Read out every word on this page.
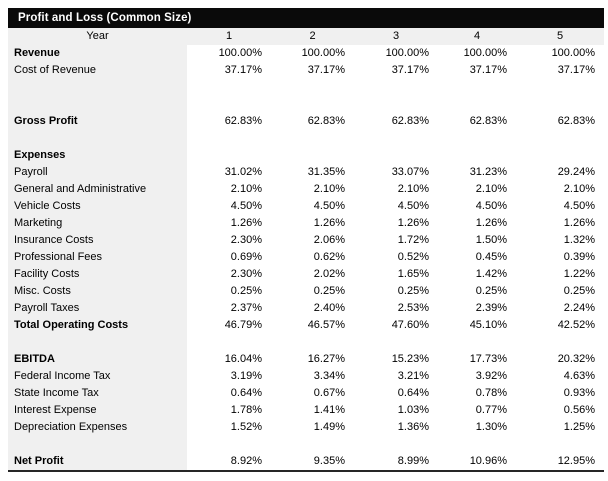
Profit and Loss (Common Size)
Year	1	2	3	4	5
Revenue	100.00%	100.00%	100.00%	100.00%	100.00%
Cost of Revenue	37.17%	37.17%	37.17%	37.17%	37.17%
Gross Profit	62.83%	62.83%	62.83%	62.83%	62.83%
Expenses
Payroll	31.02%	31.35%	33.07%	31.23%	29.24%
General and Administrative	2.10%	2.10%	2.10%	2.10%	2.10%
Vehicle Costs	4.50%	4.50%	4.50%	4.50%	4.50%
Marketing	1.26%	1.26%	1.26%	1.26%	1.26%
Insurance Costs	2.30%	2.06%	1.72%	1.50%	1.32%
Professional Fees	0.69%	0.62%	0.52%	0.45%	0.39%
Facility Costs	2.30%	2.02%	1.65%	1.42%	1.22%
Misc. Costs	0.25%	0.25%	0.25%	0.25%	0.25%
Payroll Taxes	2.37%	2.40%	2.53%	2.39%	2.24%
Total Operating Costs	46.79%	46.57%	47.60%	45.10%	42.52%
EBITDA	16.04%	16.27%	15.23%	17.73%	20.32%
Federal Income Tax	3.19%	3.34%	3.21%	3.92%	4.63%
State Income Tax	0.64%	0.67%	0.64%	0.78%	0.93%
Interest Expense	1.78%	1.41%	1.03%	0.77%	0.56%
Depreciation Expenses	1.52%	1.49%	1.36%	1.30%	1.25%
Net Profit	8.92%	9.35%	8.99%	10.96%	12.95%
